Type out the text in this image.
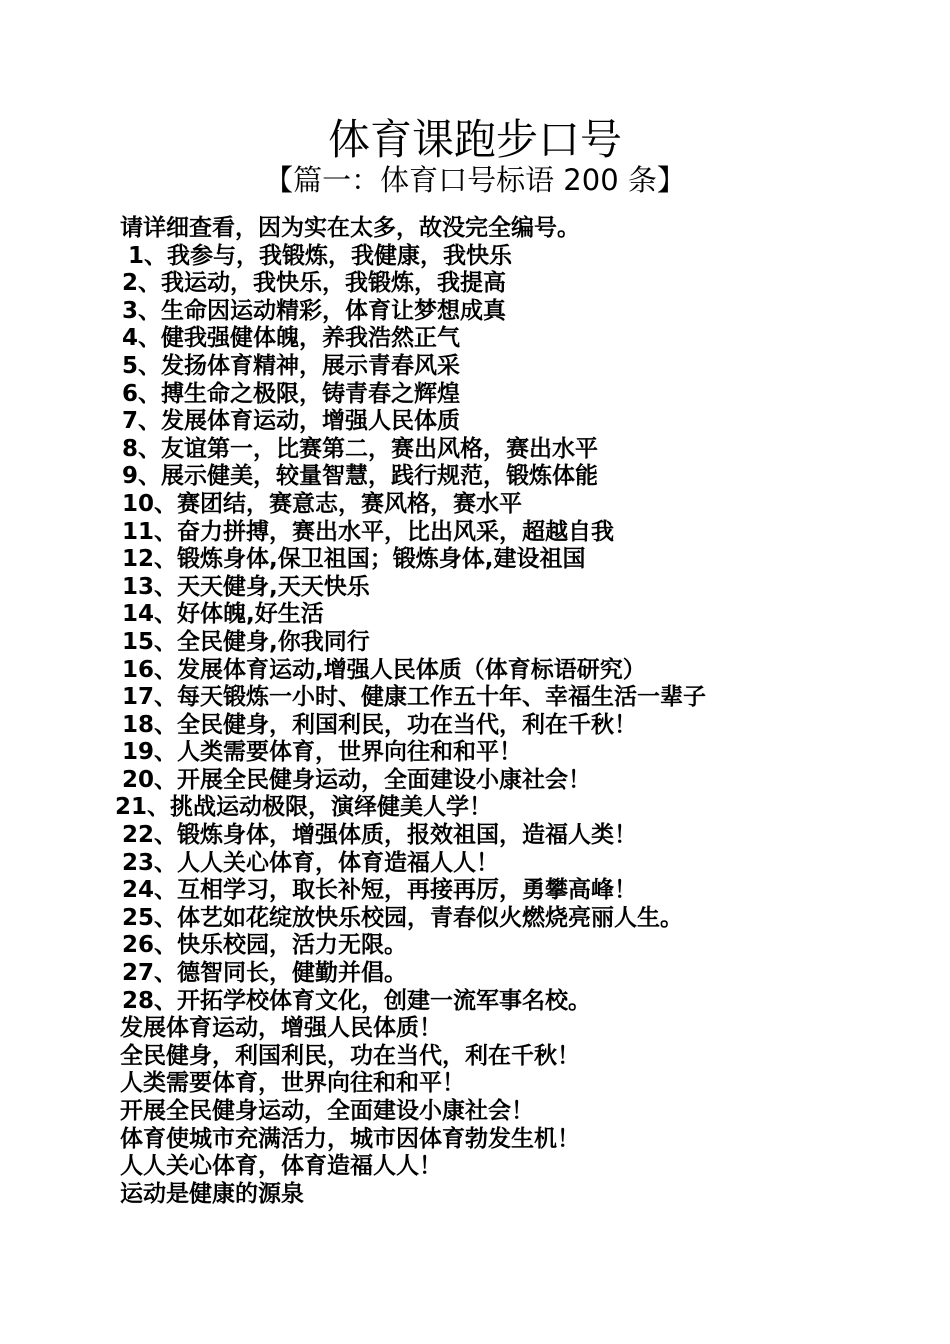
体育课跑步口号
【篇一：体育口号标语 200 条】
请详细查看，因为实在太多，故没完全编号。
1、我参与，我锻炼，我健康，我快乐
2、我运动，我快乐，我锻炼，我提高
3、生命因运动精彩，体育让梦想成真
4、健我强健体魄，养我浩然正气
5、发扬体育精神，展示青春风采
6、搏生命之极限，铸青春之辉煌
7、发展体育运动，增强人民体质
8、友谊第一，比赛第二，赛出风格，赛出水平
9、展示健美，较量智慧，践行规范，锻炼体能
10、赛团结，赛意志，赛风格，赛水平
11、奋力拼搏，赛出水平，比出风采，超越自我
12、锻炼身体,保卫祖国；锻炼身体,建设祖国
13、天天健身,天天快乐
14、好体魄,好生活
15、全民健身,你我同行
16、发展体育运动,增强人民体质（体育标语研究）
17、每天锻炼一小时、健康工作五十年、幸福生活一辈子
18、全民健身，利国利民，功在当代，利在千秋！
19、人类需要体育，世界向往和和平！
20、开展全民健身运动，全面建设小康社会！
21、挑战运动极限，演绎健美人学！
22、锻炼身体，增强体质，报效祖国，造福人类！
23、人人关心体育，体育造福人人！
24、互相学习，取长补短，再接再厉，勇攀高峰！
25、体艺如花绽放快乐校园，青春似火燃烧亮丽人生。
26、快乐校园，活力无限。
27、德智同长，健勤并倡。
28、开拓学校体育文化，创建一流军事名校。
发展体育运动，增强人民体质！
全民健身，利国利民，功在当代，利在千秋！
人类需要体育，世界向往和和平！
开展全民健身运动，全面建设小康社会！
体育使城市充满活力，城市因体育勃发生机！
人人关心体育，体育造福人人！
运动是健康的源泉
